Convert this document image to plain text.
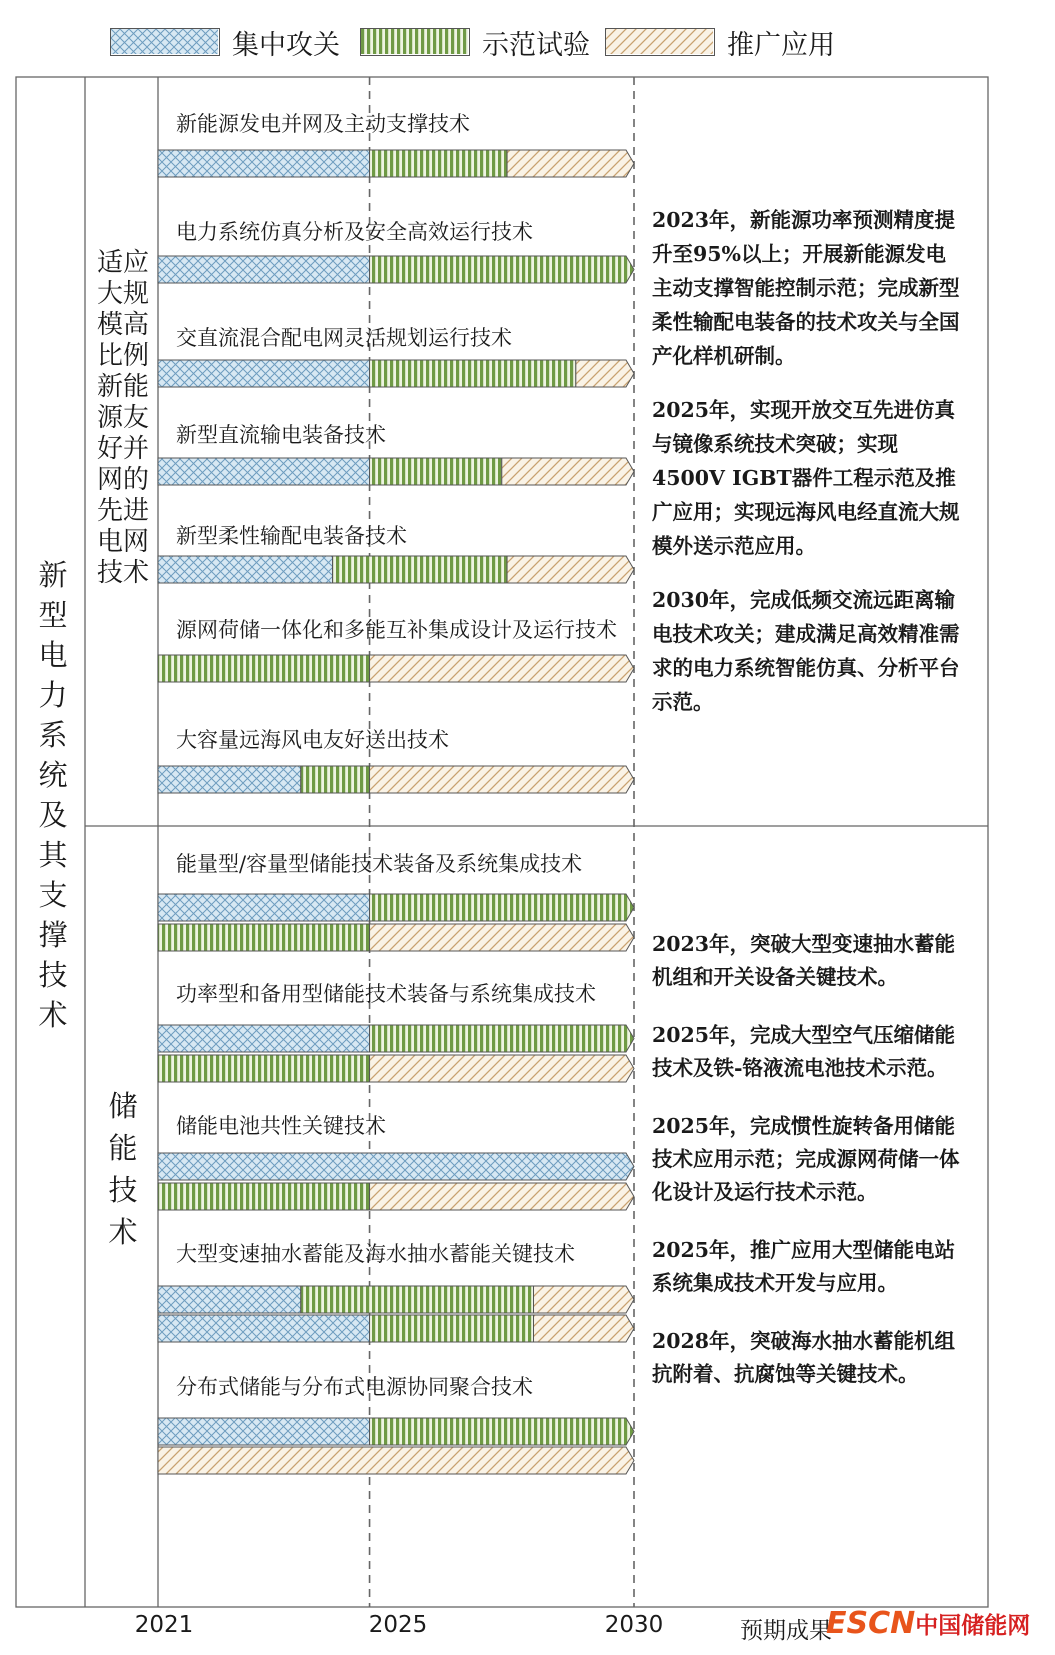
集中攻关	示范试验	推广应用
新型电力系统及其支撑技术
适应大规模高比例新能源友好并网的先进电网技术
储能技术
新能源发电并网及主动支撑技术
电力系统仿真分析及安全高效运行技术
交直流混合配电网灵活规划运行技术
新型直流输电装备技术
新型柔性输配电装备技术
源网荷储一体化和多能互补集成设计及运行技术
大容量远海风电友好送出技术
能量型/容量型储能技术装备及系统集成技术
功率型和备用型储能技术装备与系统集成技术
储能电池共性关键技术
大型变速抽水蓄能及海水抽水蓄能关键技术
分布式储能与分布式电源协同聚合技术

2023年，新能源功率预测精度提升至95%以上；开展新能源发电主动支撑智能控制示范；完成新型柔性输配电装备的技术攻关与全国产化样机研制。

2025年，实现开放交互先进仿真与镜像系统技术突破；实现4500V IGBT器件工程示范及推广应用；实现远海风电经直流大规模外送示范应用。

2030年，完成低频交流远距离输电技术攻关；建成满足高效精准需求的电力系统智能仿真、分析平台示范。

2023年，突破大型变速抽水蓄能机组和开关设备关键技术。

2025年，完成大型空气压缩储能技术及铁-铬液流电池技术示范。

2025年，完成惯性旋转备用储能技术应用示范；完成源网荷储一体化设计及运行技术示范。

2025年，推广应用大型储能电站系统集成技术开发与应用。

2028年，突破海水抽水蓄能机组抗附着、抗腐蚀等关键技术。

2021	2025	2030	预期成果
ESCN中国储能网
